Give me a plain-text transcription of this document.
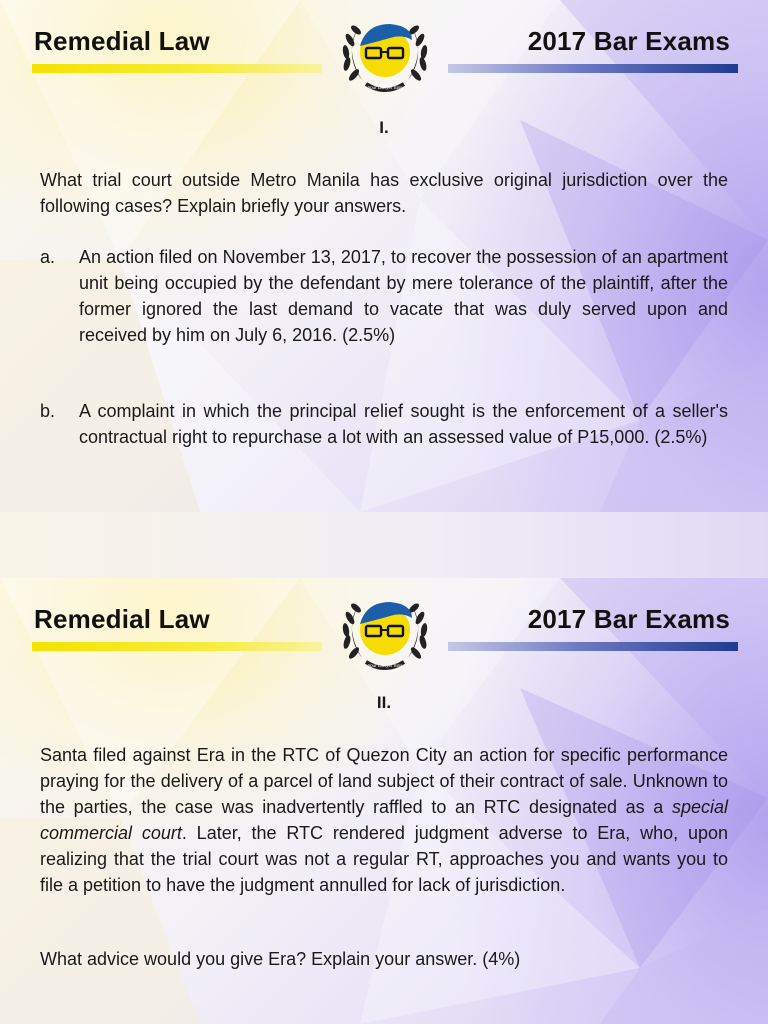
Remedial Law	2017 Bar Exams
Your Lawyer Sins
I.
What trial court outside Metro Manila has exclusive original jurisdiction over the following cases? Explain briefly your answers.
a. An action filed on November 13, 2017, to recover the possession of an apartment unit being occupied by the defendant by mere tolerance of the plaintiff, after the former ignored the last demand to vacate that was duly served upon and received by him on July 6, 2016. (2.5%)
b. A complaint in which the principal relief sought is the enforcement of a seller's contractual right to repurchase a lot with an assessed value of P15,000. (2.5%)
Remedial Law	2017 Bar Exams
Your Lawyer Sins
II.
Santa filed against Era in the RTC of Quezon City an action for specific performance praying for the delivery of a parcel of land subject of their contract of sale. Unknown to the parties, the case was inadvertently raffled to an RTC designated as a special commercial court. Later, the RTC rendered judgment adverse to Era, who, upon realizing that the trial court was not a regular RT, approaches you and wants you to file a petition to have the judgment annulled for lack of jurisdiction.
What advice would you give Era? Explain your answer. (4%)
